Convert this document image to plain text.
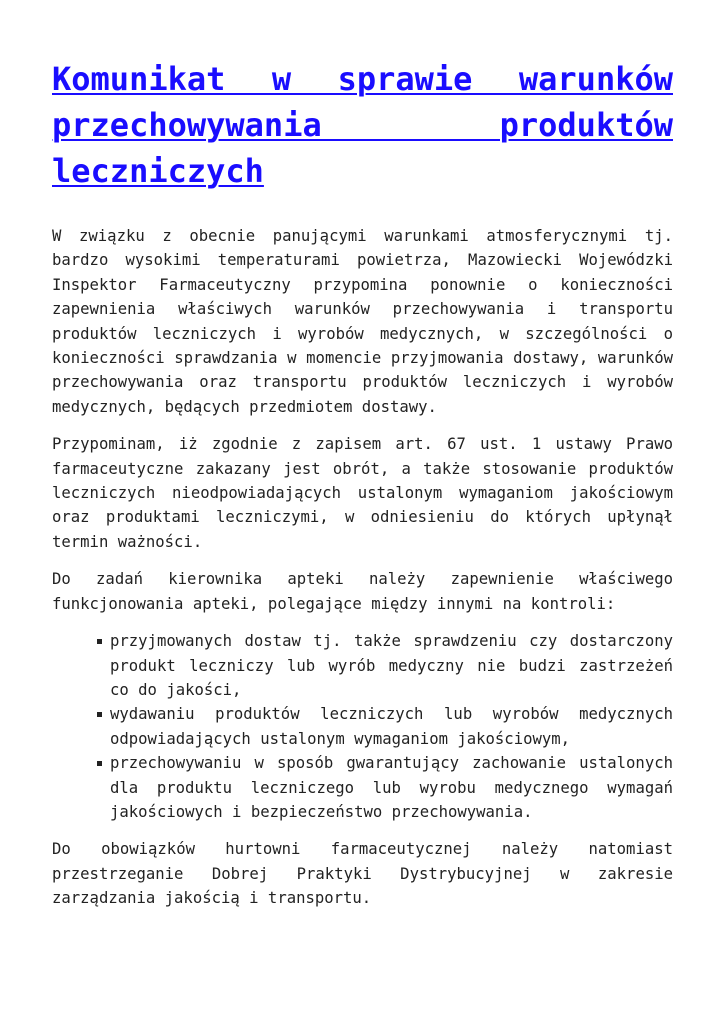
Komunikat w sprawie warunków przechowywania produktów leczniczych

W związku z obecnie panującymi warunkami atmosferycznymi tj. bardzo wysokimi temperaturami powietrza, Mazowiecki Wojewódzki Inspektor Farmaceutyczny przypomina ponownie o konieczności zapewnienia właściwych warunków przechowywania i transportu produktów leczniczych i wyrobów medycznych, w szczególności o konieczności sprawdzania w momencie przyjmowania dostawy, warunków przechowywania oraz transportu produktów leczniczych i wyrobów medycznych, będących przedmiotem dostawy.

Przypominam, iż zgodnie z zapisem art. 67 ust. 1 ustawy Prawo farmaceutyczne zakazany jest obrót, a także stosowanie produktów leczniczych nieodpowiadających ustalonym wymaganiom jakościowym oraz produktami leczniczymi, w odniesieniu do których upłynął termin ważności.

Do zadań kierownika apteki należy zapewnienie właściwego funkcjonowania apteki, polegające między innymi na kontroli:

przyjmowanych dostaw tj. także sprawdzeniu czy dostarczony produkt leczniczy lub wyrób medyczny nie budzi zastrzeżeń co do jakości,
wydawaniu produktów leczniczych lub wyrobów medycznych odpowiadających ustalonym wymaganiom jakościowym,
przechowywaniu w sposób gwarantujący zachowanie ustalonych dla produktu leczniczego lub wyrobu medycznego wymagań jakościowych i bezpieczeństwo przechowywania.

Do obowiązków hurtowni farmaceutycznej należy natomiast przestrzeganie Dobrej Praktyki Dystrybucyjnej w zakresie zarządzania jakością i transportu.
